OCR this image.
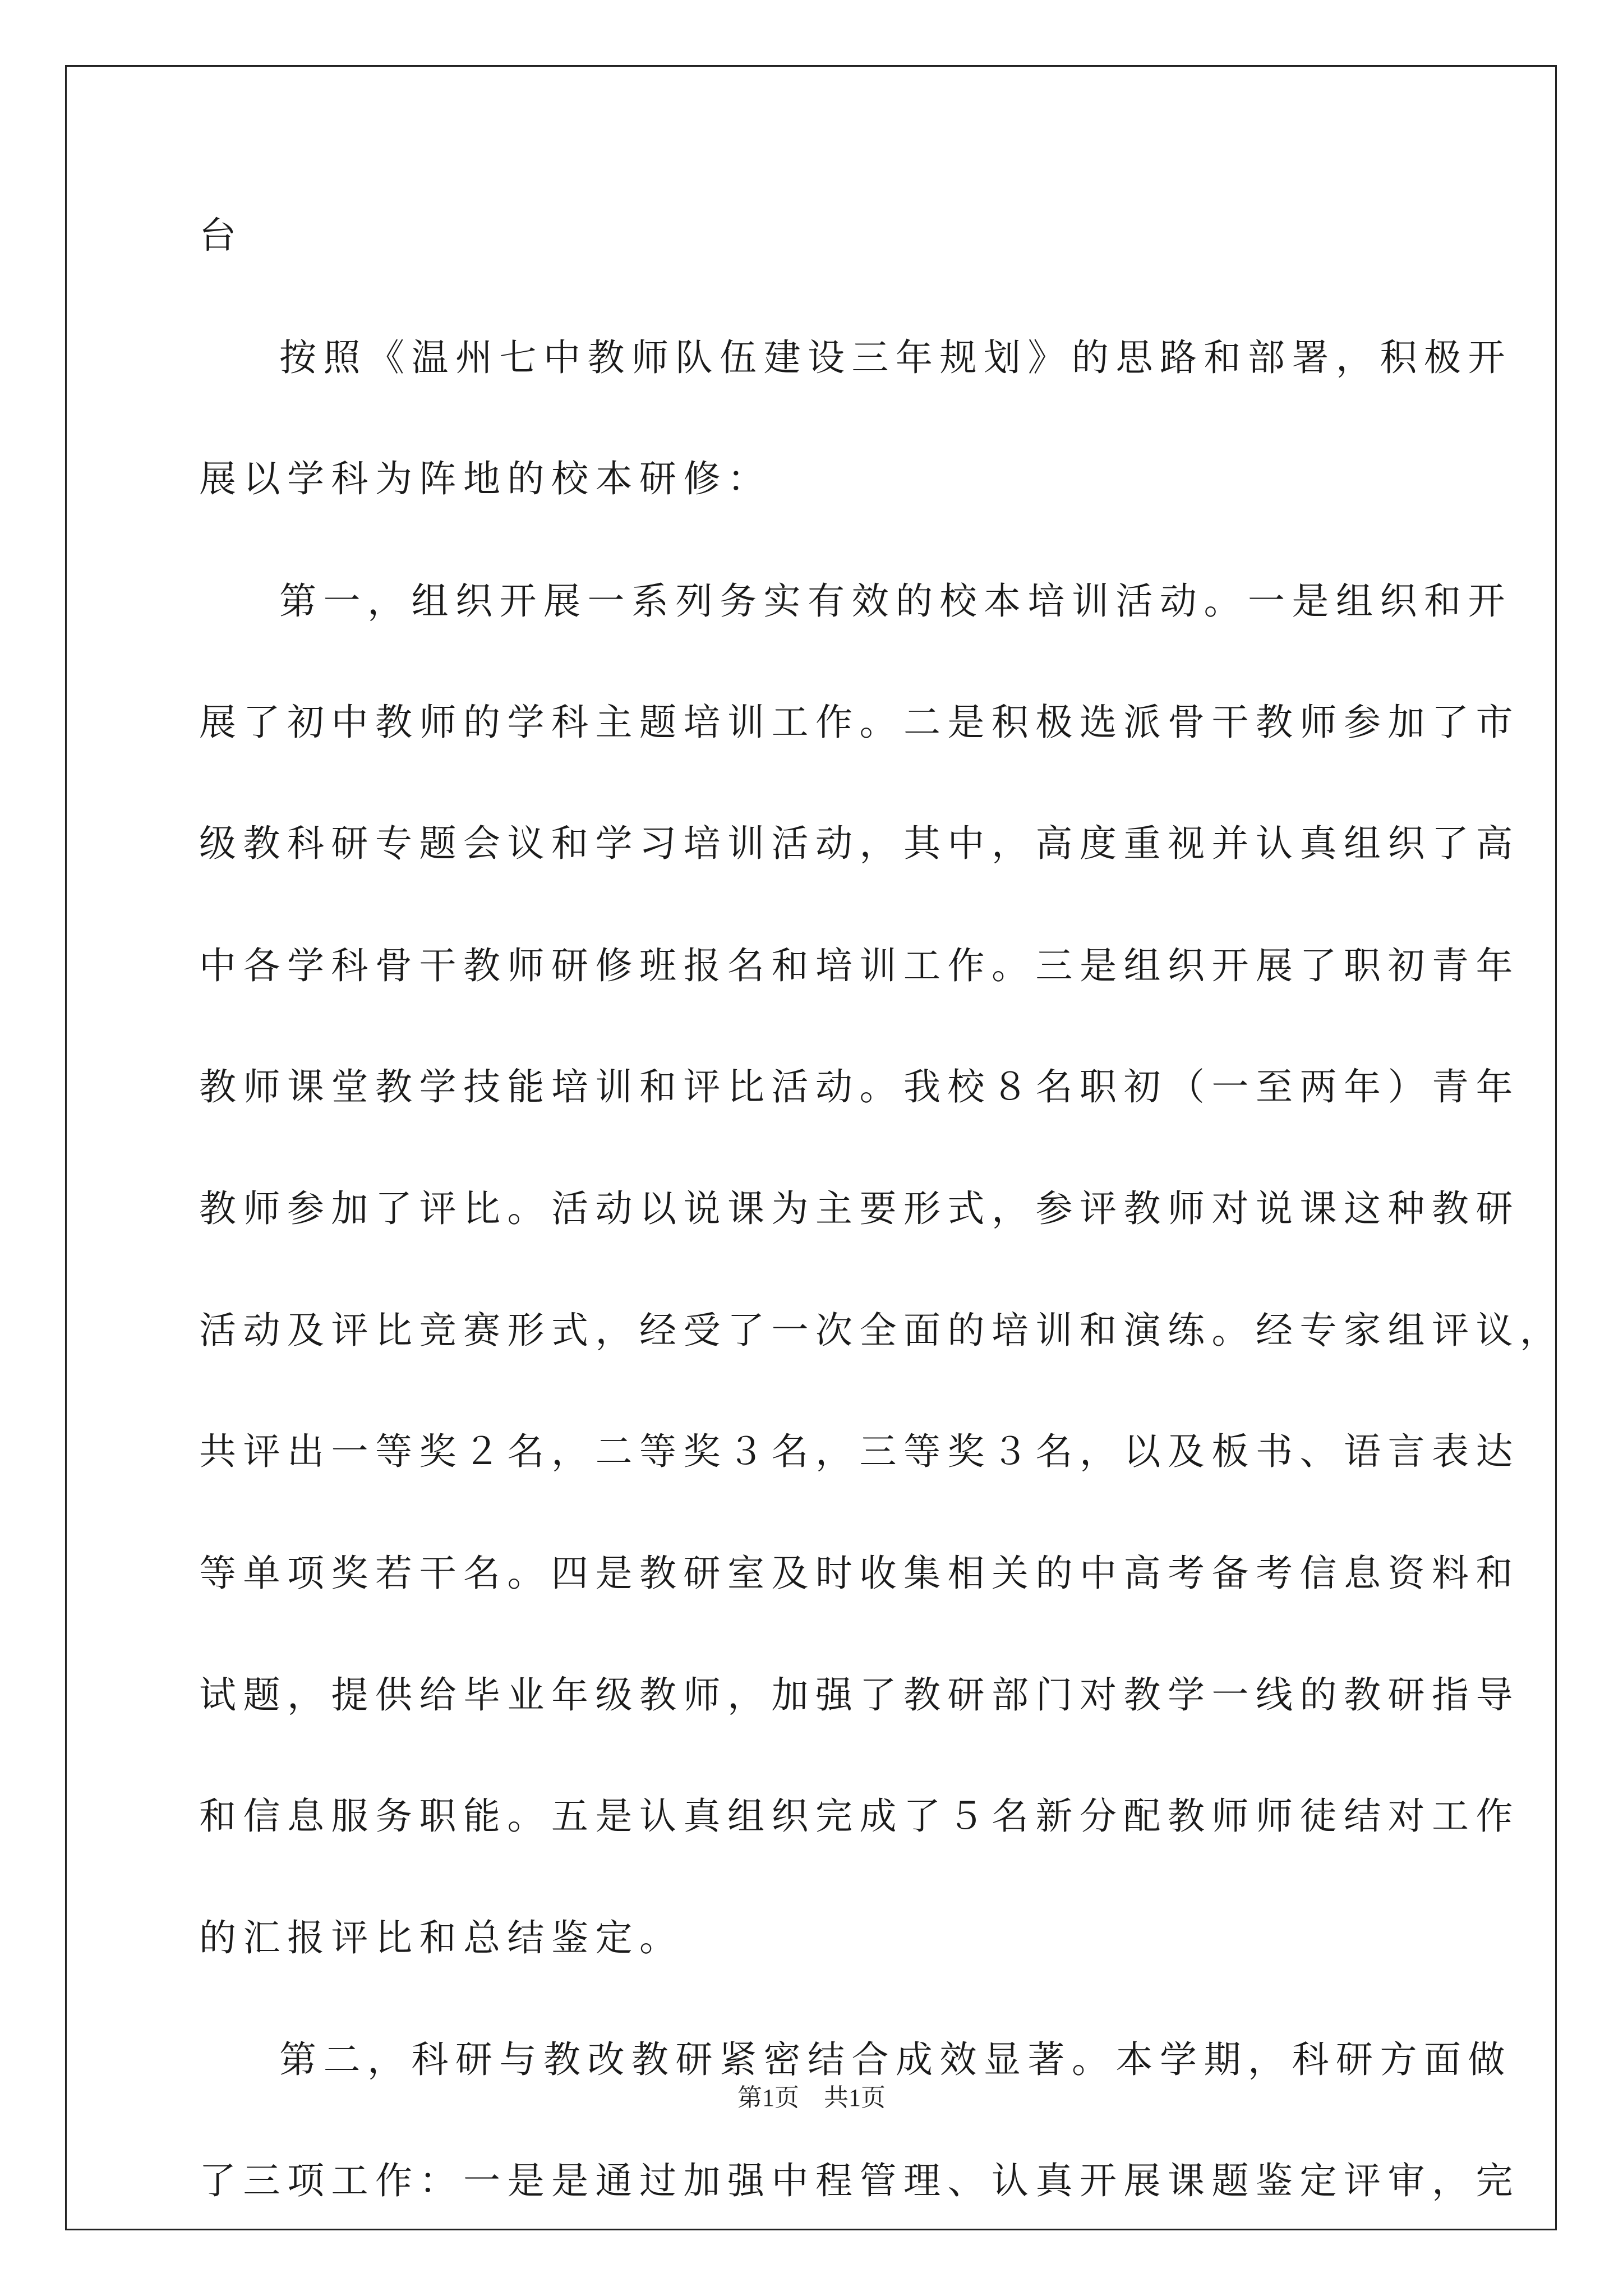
台
按照《温州七中教师队伍建设三年规划》的思路和部署，积极开
展以学科为阵地的校本研修：
第一，组织开展一系列务实有效的校本培训活动。一是组织和开
展了初中教师的学科主题培训工作。二是积极选派骨干教师参加了市
级教科研专题会议和学习培训活动，其中，高度重视并认真组织了高
中各学科骨干教师研修班报名和培训工作。三是组织开展了职初青年
教师课堂教学技能培训和评比活动。我校８名职初（一至两年）青年
教师参加了评比。活动以说课为主要形式，参评教师对说课这种教研
活动及评比竞赛形式，经受了一次全面的培训和演练。经专家组评议，
共评出一等奖２名，二等奖３名，三等奖３名，以及板书、语言表达
等单项奖若干名。四是教研室及时收集相关的中高考备考信息资料和
试题，提供给毕业年级教师，加强了教研部门对教学一线的教研指导
和信息服务职能。五是认真组织完成了５名新分配教师师徒结对工作
的汇报评比和总结鉴定。
第二，科研与教改教研紧密结合成效显著。本学期，科研方面做
了三项工作：一是是通过加强中程管理、认真开展课题鉴定评审，完
第1页　共1页
